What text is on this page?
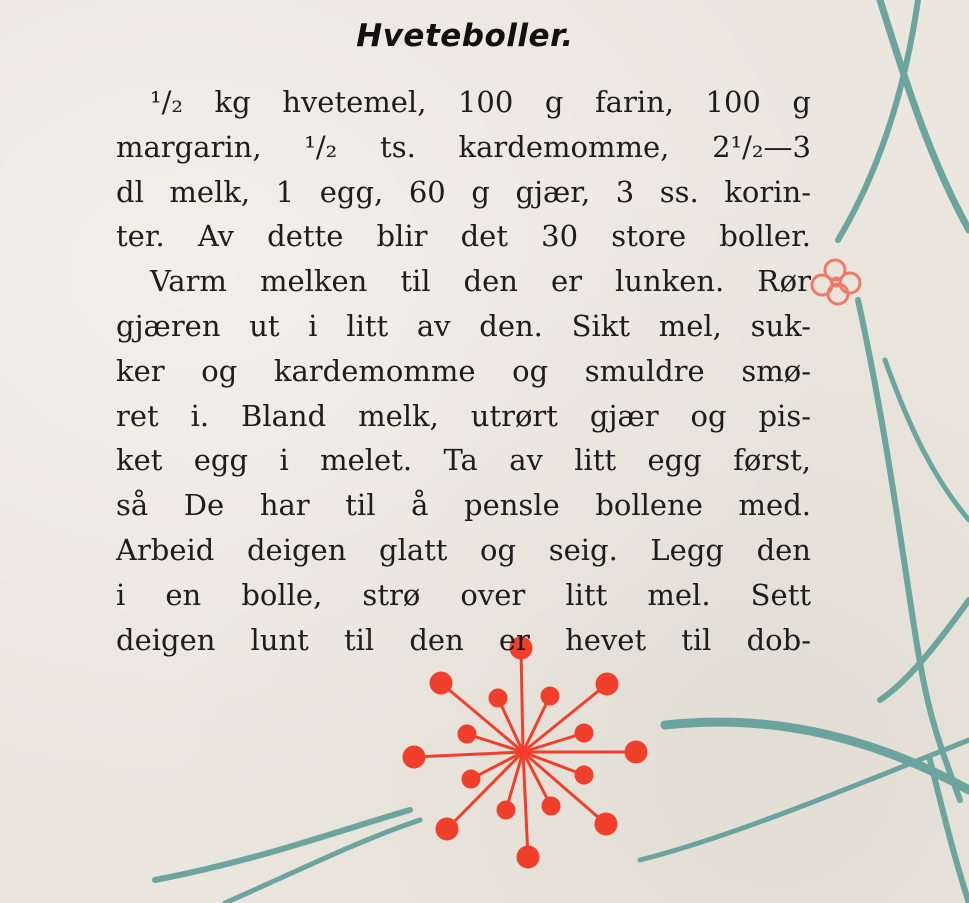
Hveteboller.
¹/₂ kg hvetemel, 100 g farin, 100 g
margarin, ¹/₂ ts. kardemomme, 2¹/₂—3
dl melk, 1 egg, 60 g gjær, 3 ss. korin-
ter. Av dette blir det 30 store boller.
Varm melken til den er lunken. Rør
gjæren ut i litt av den. Sikt mel, suk-
ker og kardemomme og smuldre smø-
ret i. Bland melk, utrørt gjær og pis-
ket egg i melet. Ta av litt egg først,
så De har til å pensle bollene med.
Arbeid deigen glatt og seig. Legg den
i en bolle, strø over litt mel. Sett
deigen lunt til den er hevet til dob-
